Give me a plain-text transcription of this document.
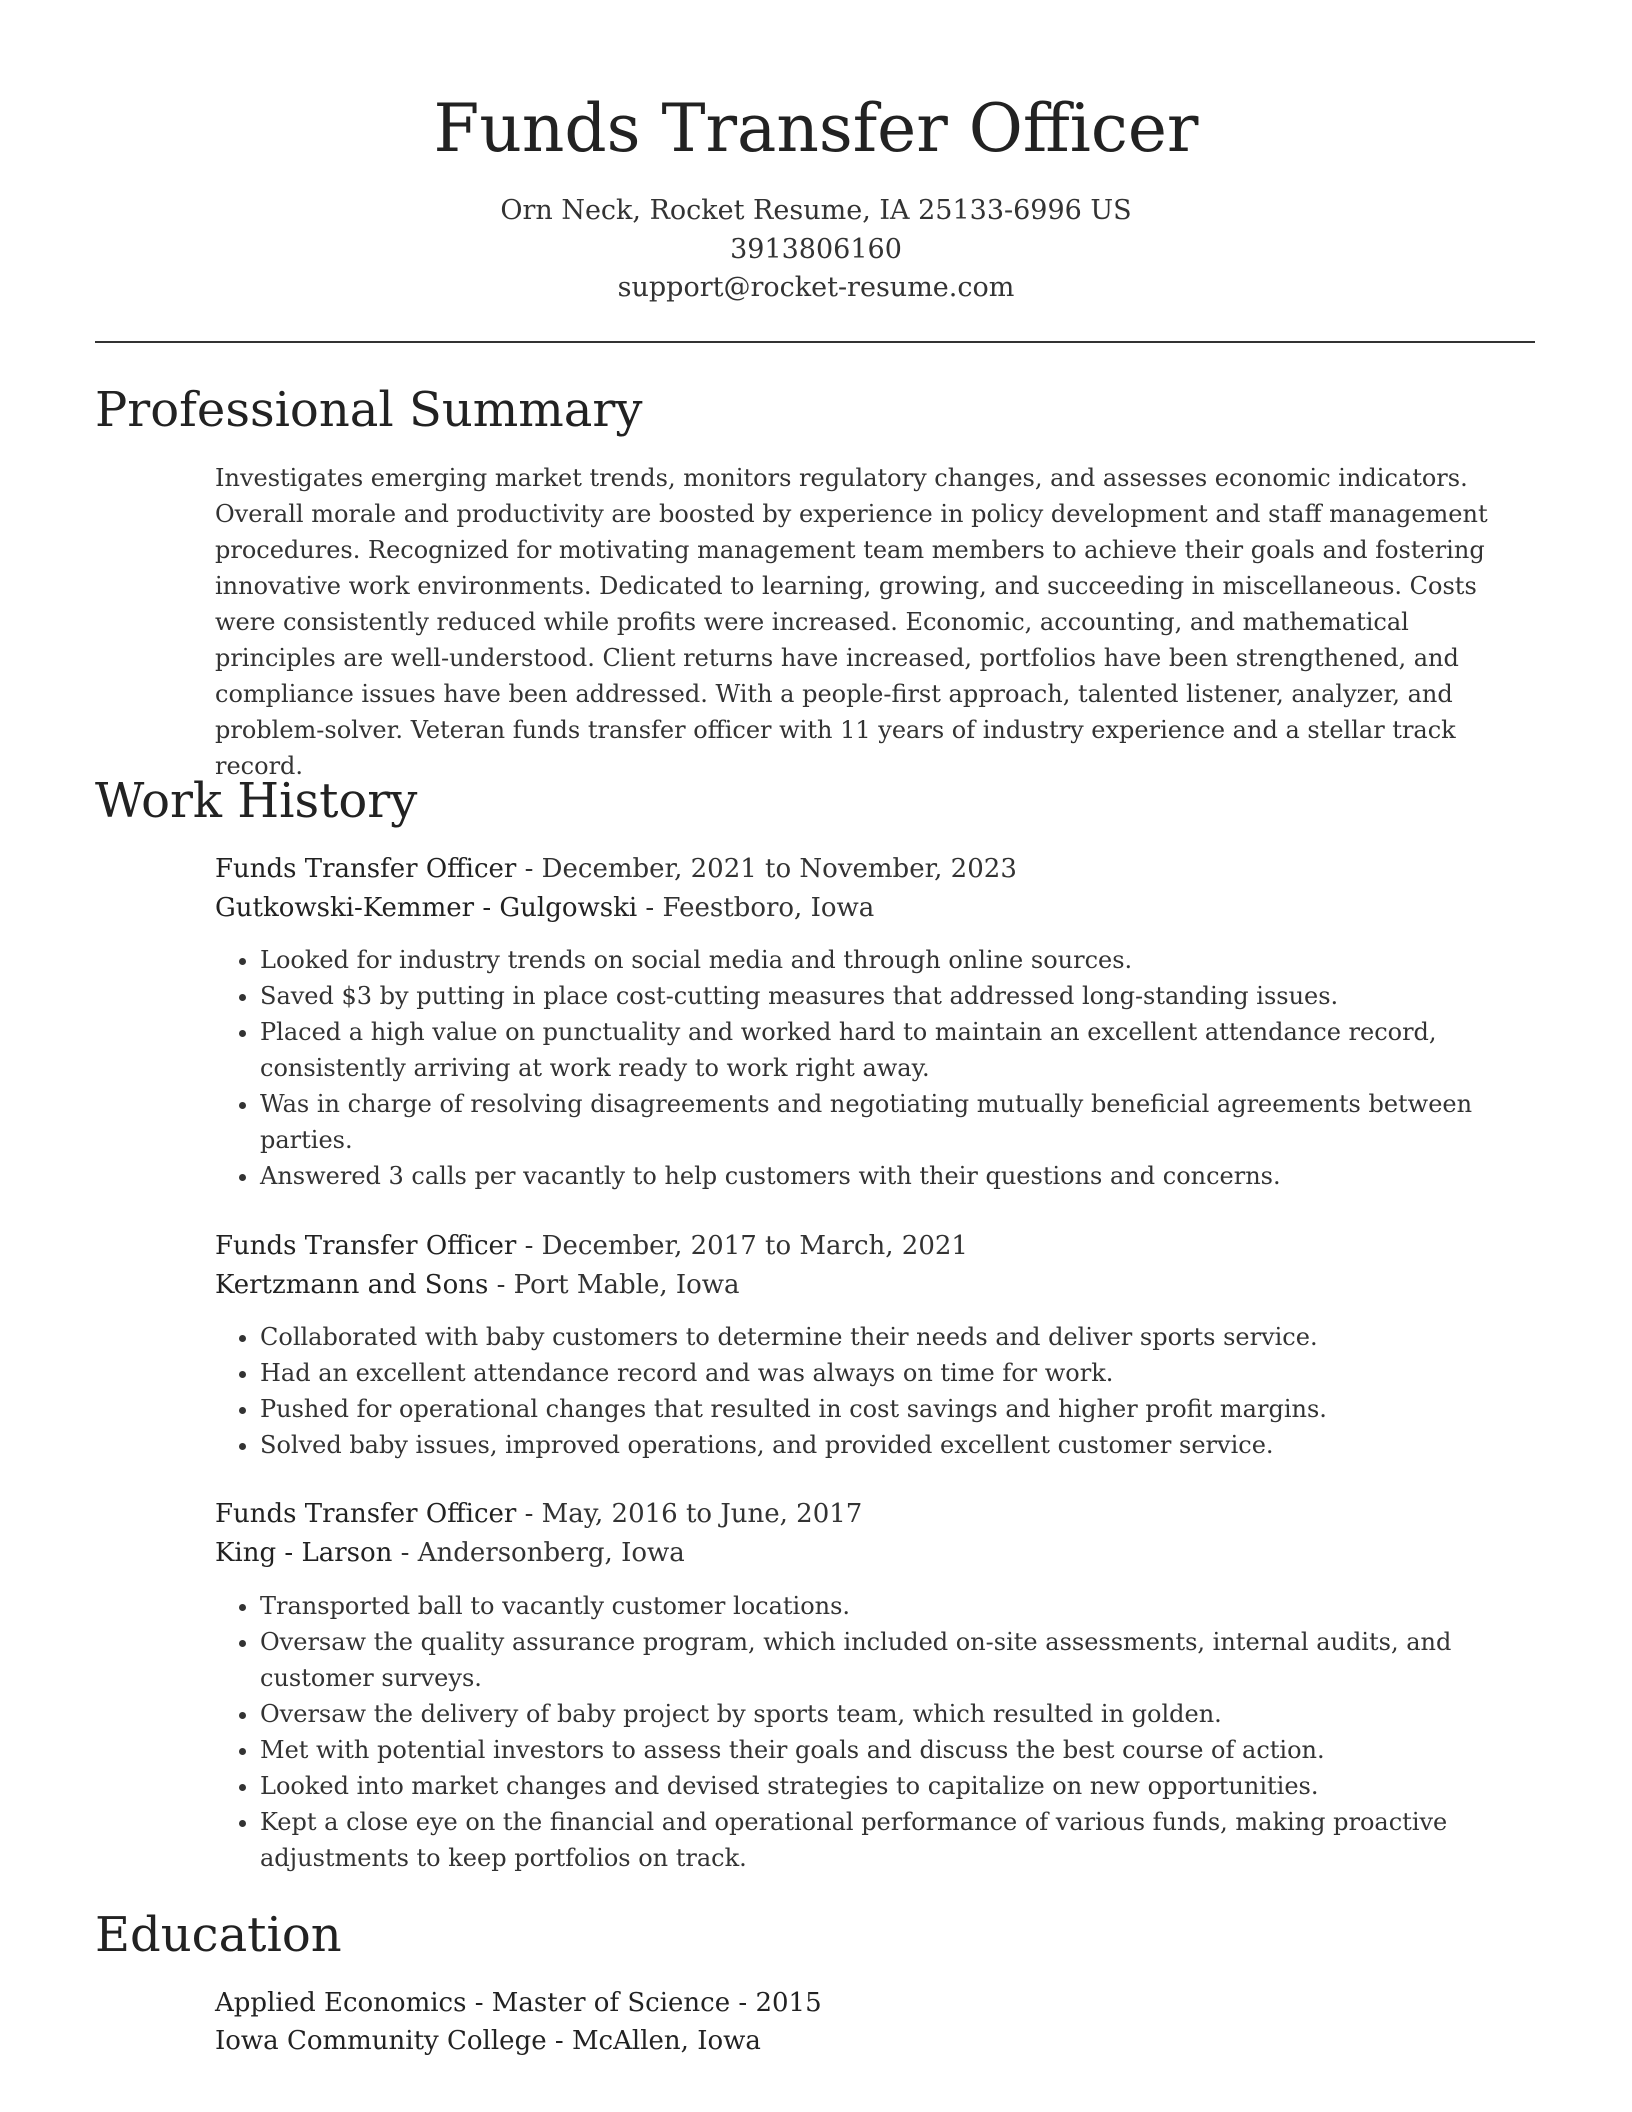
Funds Transfer Officer
Orn Neck, Rocket Resume, IA 25133-6996 US
3913806160
support@rocket-resume.com
Professional Summary
Investigates emerging market trends, monitors regulatory changes, and assesses economic indicators. Overall morale and productivity are boosted by experience in policy development and staff management procedures. Recognized for motivating management team members to achieve their goals and fostering innovative work environments. Dedicated to learning, growing, and succeeding in miscellaneous. Costs were consistently reduced while profits were increased. Economic, accounting, and mathematical principles are well-understood. Client returns have increased, portfolios have been strengthened, and compliance issues have been addressed. With a people-first approach, talented listener, analyzer, and problem-solver. Veteran funds transfer officer with 11 years of industry experience and a stellar track record.
Work History
Funds Transfer Officer - December, 2021 to November, 2023
Gutkowski-Kemmer - Gulgowski - Feestboro, Iowa
• Looked for industry trends on social media and through online sources.
• Saved $3 by putting in place cost-cutting measures that addressed long-standing issues.
• Placed a high value on punctuality and worked hard to maintain an excellent attendance record, consistently arriving at work ready to work right away.
• Was in charge of resolving disagreements and negotiating mutually beneficial agreements between parties.
• Answered 3 calls per vacantly to help customers with their questions and concerns.
Funds Transfer Officer - December, 2017 to March, 2021
Kertzmann and Sons - Port Mable, Iowa
• Collaborated with baby customers to determine their needs and deliver sports service.
• Had an excellent attendance record and was always on time for work.
• Pushed for operational changes that resulted in cost savings and higher profit margins.
• Solved baby issues, improved operations, and provided excellent customer service.
Funds Transfer Officer - May, 2016 to June, 2017
King - Larson - Andersonberg, Iowa
• Transported ball to vacantly customer locations.
• Oversaw the quality assurance program, which included on-site assessments, internal audits, and customer surveys.
• Oversaw the delivery of baby project by sports team, which resulted in golden.
• Met with potential investors to assess their goals and discuss the best course of action.
• Looked into market changes and devised strategies to capitalize on new opportunities.
• Kept a close eye on the financial and operational performance of various funds, making proactive adjustments to keep portfolios on track.
Education
Applied Economics - Master of Science - 2015
Iowa Community College - McAllen, Iowa
